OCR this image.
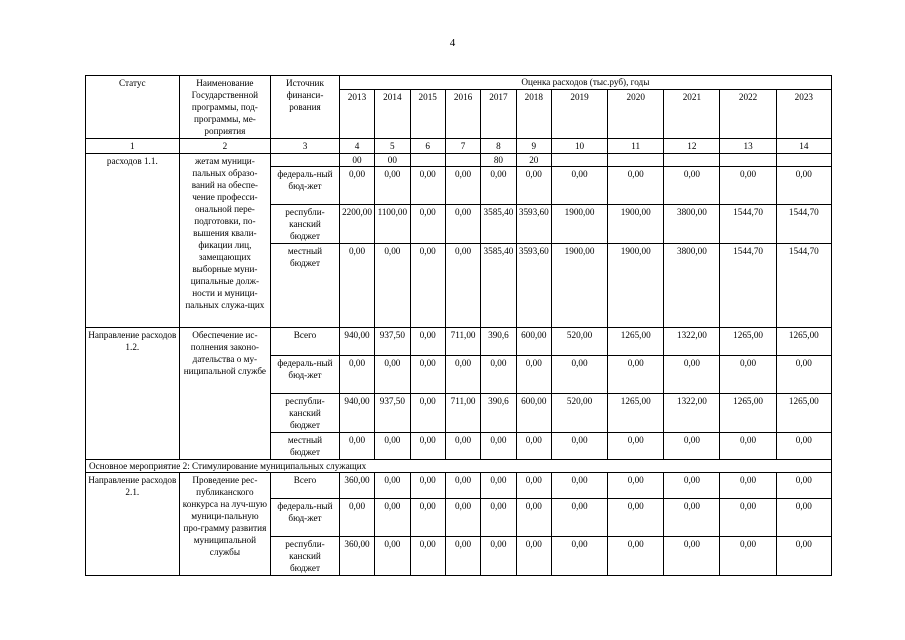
4
Статус	Наименование Государственной программы, под-программы, ме-роприятия	Источник финанси-рования	Оценка расходов (тыс.руб), годы										
			2013	2014	2015	2016	2017	2018	2019	2020	2021	2022	2023
1	2	3	4	5	6	7	8	9	10	11	12	13	14
расходов 1.1.	жетам муници-пальных образо-ваний на обеспе-чение професси-ональной пере-подготовки, по-вышения квали-фикации лиц, замещающих выборные муни-ципальные долж-ности и муници-пальных служа-щих		00	00			80	20					
		федераль-ный бюд-жет	0,00	0,00	0,00	0,00	0,00	0,00	0,00	0,00	0,00	0,00	0,00
		республи-канский бюджет	2200,00	1100,00	0,00	0,00	3585,40	3593,60	1900,00	1900,00	3800,00	1544,70	1544,70
		местный бюджет	0,00	0,00	0,00	0,00	3585,40	3593,60	1900,00	1900,00	3800,00	1544,70	1544,70
Направление расходов 1.2.	Обеспечение ис-полнения законо-дательства о му-ниципальной службе	Всего	940,00	937,50	0,00	711,00	390,6	600,00	520,00	1265,00	1322,00	1265,00	1265,00
		федераль-ный бюд-жет	0,00	0,00	0,00	0,00	0,00	0,00	0,00	0,00	0,00	0,00	0,00
		республи-канский бюджет	940,00	937,50	0,00	711,00	390,6	600,00	520,00	1265,00	1322,00	1265,00	1265,00
		местный бюджет	0,00	0,00	0,00	0,00	0,00	0,00	0,00	0,00	0,00	0,00	0,00
Основное мероприятие 2: Стимулирование муниципальных служащих													
Направление расходов 2.1.	Проведение рес-публиканского конкурса на луч-шую муници-пальную про-грамму развития муниципальной службы	Всего	360,00	0,00	0,00	0,00	0,00	0,00	0,00	0,00	0,00	0,00	0,00
		федераль-ный бюд-жет	0,00	0,00	0,00	0,00	0,00	0,00	0,00	0,00	0,00	0,00	0,00
		республи-канский бюджет	360,00	0,00	0,00	0,00	0,00	0,00	0,00	0,00	0,00	0,00	0,00
